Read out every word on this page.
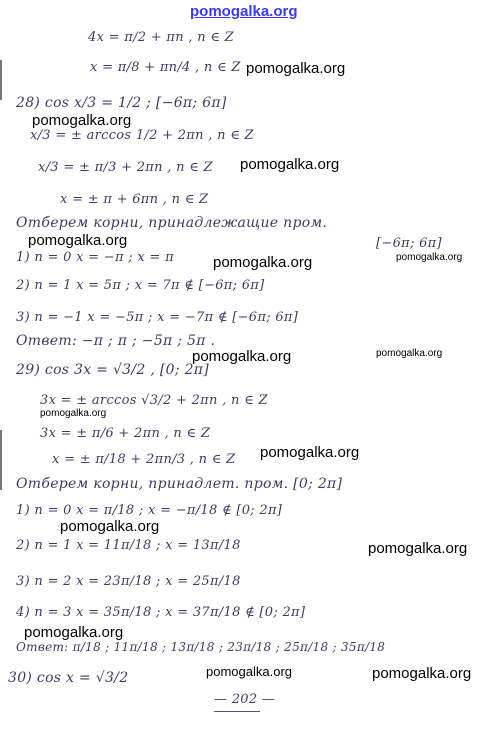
pomogalka.org
4x = π/2 + πn , n ∈ Z
x = π/8 + πn/4 , n ∈ Z pomogalka.org
28) cos x/3 = 1/2 ; [−6π; 6π]
pomogalka.org
x/3 = ± arccos 1/2 + 2πn , n ∈ Z
x/3 = ± π/3 + 2πn , n ∈ Z pomogalka.org
x = ± π + 6πn , n ∈ Z
Отберем корни, принадлежащие пром.
pomogalka.org	[−6π; 6π]
pomogalka.org
1) n = 0 x = −π ; x = π	pomogalka.org
2) n = 1 x = 5π ; x = 7π ∉ [−6π; 6π]
3) n = −1 x = −5π ; x = −7π ∉ [−6π; 6π]
Ответ: −π ; π ; −5π ; 5π .
pomogalka.org	pomogalka.org
29) cos 3x = √3/2 , [0; 2π]
3x = ± arccos √3/2 + 2πn , n ∈ Z
pomogalka.org
3x = ± π/6 + 2πn , n ∈ Z
pomogalka.org
x = ± π/18 + 2πn/3 , n ∈ Z
Отберем корни, принадлет. пром. [0; 2π]
1) n = 0 x = π/18 ; x = −π/18 ∉ [0; 2π]
pomogalka.org
2) n = 1 x = 11π/18 ; x = 13π/18	pomogalka.org
3) n = 2 x = 23π/18 ; x = 25π/18
4) n = 3 x = 35π/18 ; x = 37π/18 ∉ [0; 2π]
pomogalka.org
Ответ: π/18 ; 11π/18 ; 13π/18 ; 23π/18 ; 25π/18 ; 35π/18
pomogalka.org	pomogalka.org
30) cos x = √3/2
— 202 —
